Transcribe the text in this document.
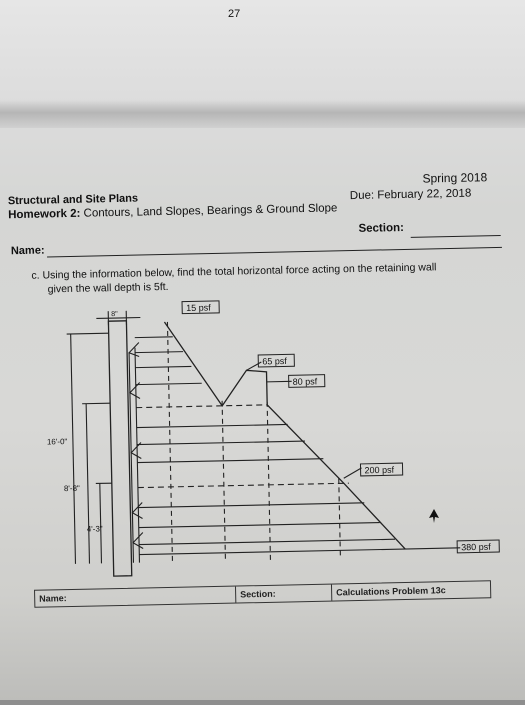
27
Structural and Site Plans
Homework 2: Contours, Land Slopes, Bearings & Ground Slope
Spring 2018
Due: February 22, 2018
Section:
Name:
c. Using the information below, find the total horizontal force acting on the retaining wall
given the wall depth is 5ft.
15 psf
65 psf
80 psf
200 psf
380 psf
8"
16'-0"
8'-8"
4'-3"
Name:	Section:	Calculations Problem 13c
